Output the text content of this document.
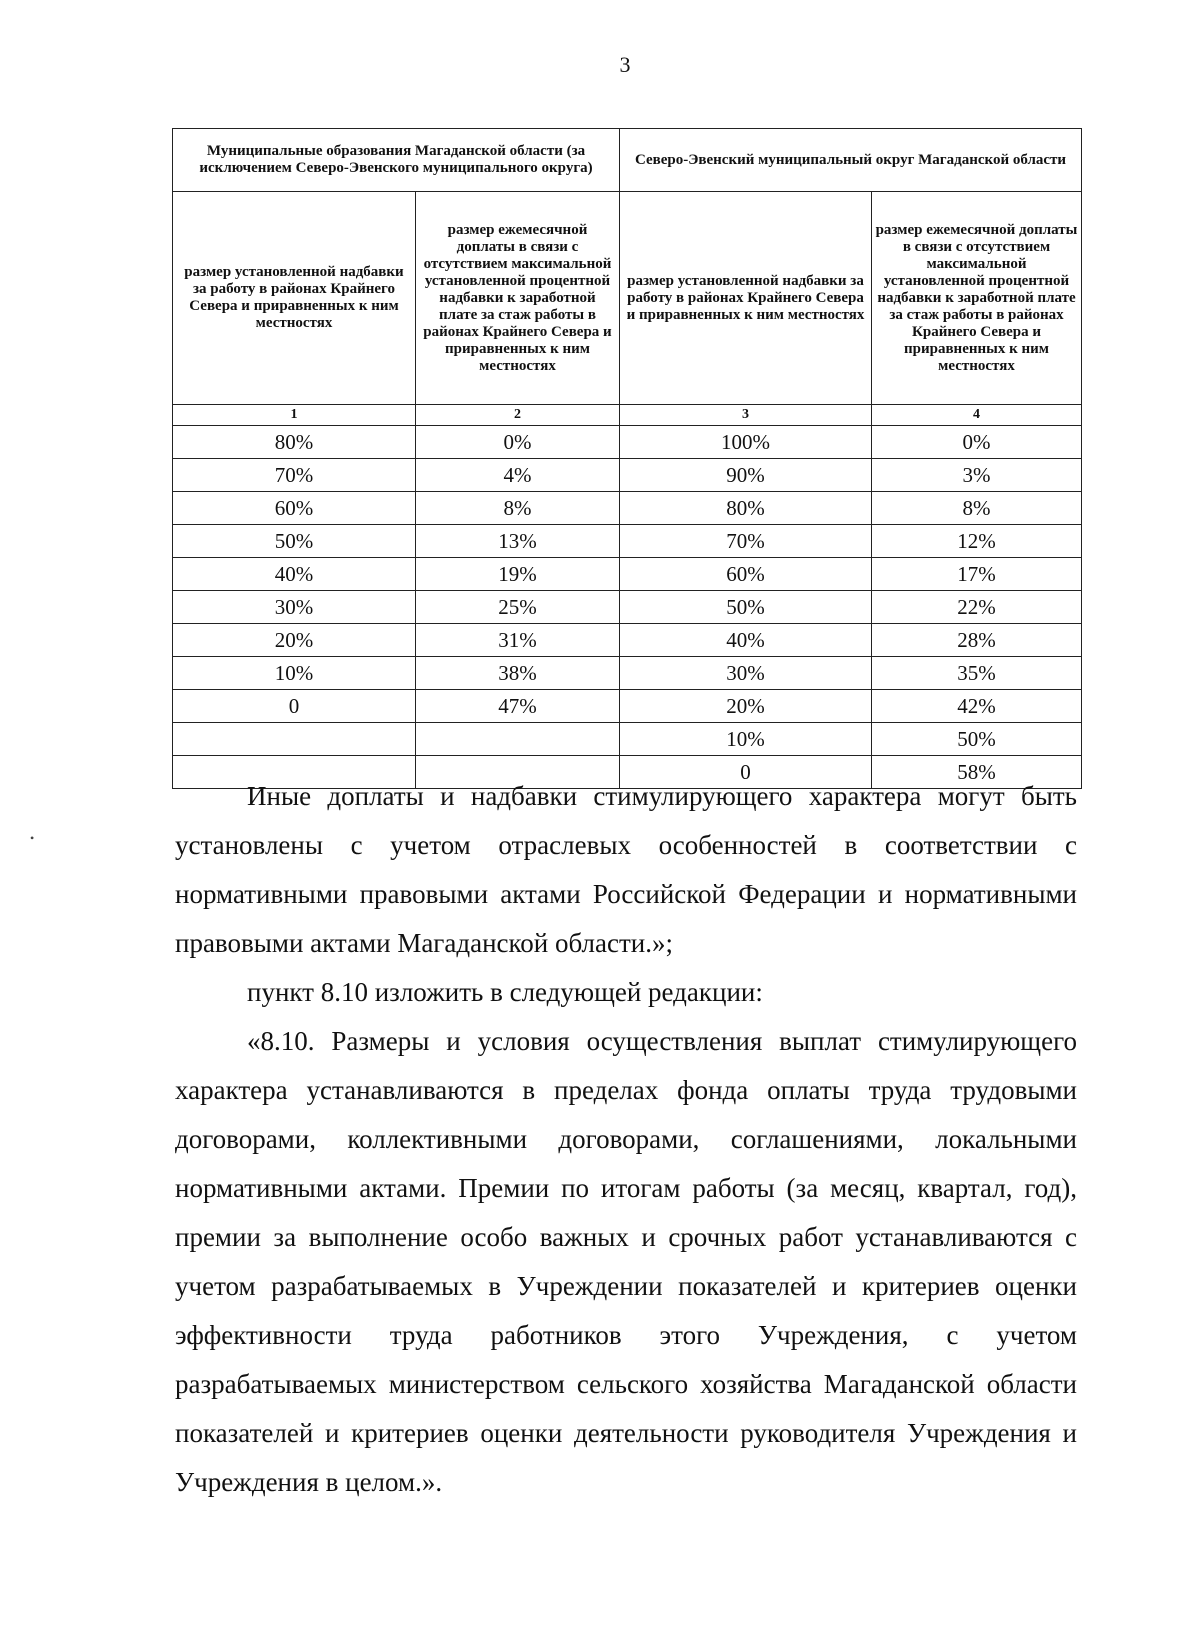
3
Муниципальные образования Магаданской области (за исключением Северо-Эвенского муниципального округа)		Северо-Эвенский муниципальный округ Магаданской области	
размер установленной надбавки за работу в районах Крайнего Севера и приравненных к ним местностях	размер ежемесячной доплаты в связи с отсутствием максимальной установленной процентной надбавки к заработной плате за стаж работы в районах Крайнего Севера и приравненных к ним местностях	размер установленной надбавки за работу в районах Крайнего Севера и приравненных к ним местностях	размер ежемесячной доплаты в связи с отсутствием максимальной установленной процентной надбавки к заработной плате за стаж работы в районах Крайнего Севера и приравненных к ним местностях
1	2	3	4
80%	0%	100%	0%
70%	4%	90%	3%
60%	8%	80%	8%
50%	13%	70%	12%
40%	19%	60%	17%
30%	25%	50%	22%
20%	31%	40%	28%
10%	38%	30%	35%
0	47%	20%	42%
		10%	50%
		0	58%

Иные доплаты и надбавки стимулирующего характера могут быть установлены с учетом отраслевых особенностей в соответствии с нормативными правовыми актами Российской Федерации и нормативными правовыми актами Магаданской области.»;

пункт 8.10 изложить в следующей редакции:

«8.10. Размеры и условия осуществления выплат стимулирующего характера устанавливаются в пределах фонда оплаты труда трудовыми договорами, коллективными договорами, соглашениями, локальными нормативными актами. Премии по итогам работы (за месяц, квартал, год), премии за выполнение особо важных и срочных работ устанавливаются с учетом разрабатываемых в Учреждении показателей и критериев оценки эффективности труда работников этого Учреждения, с учетом разрабатываемых министерством сельского хозяйства Магаданской области показателей и критериев оценки деятельности руководителя Учреждения и Учреждения в целом.».

•
